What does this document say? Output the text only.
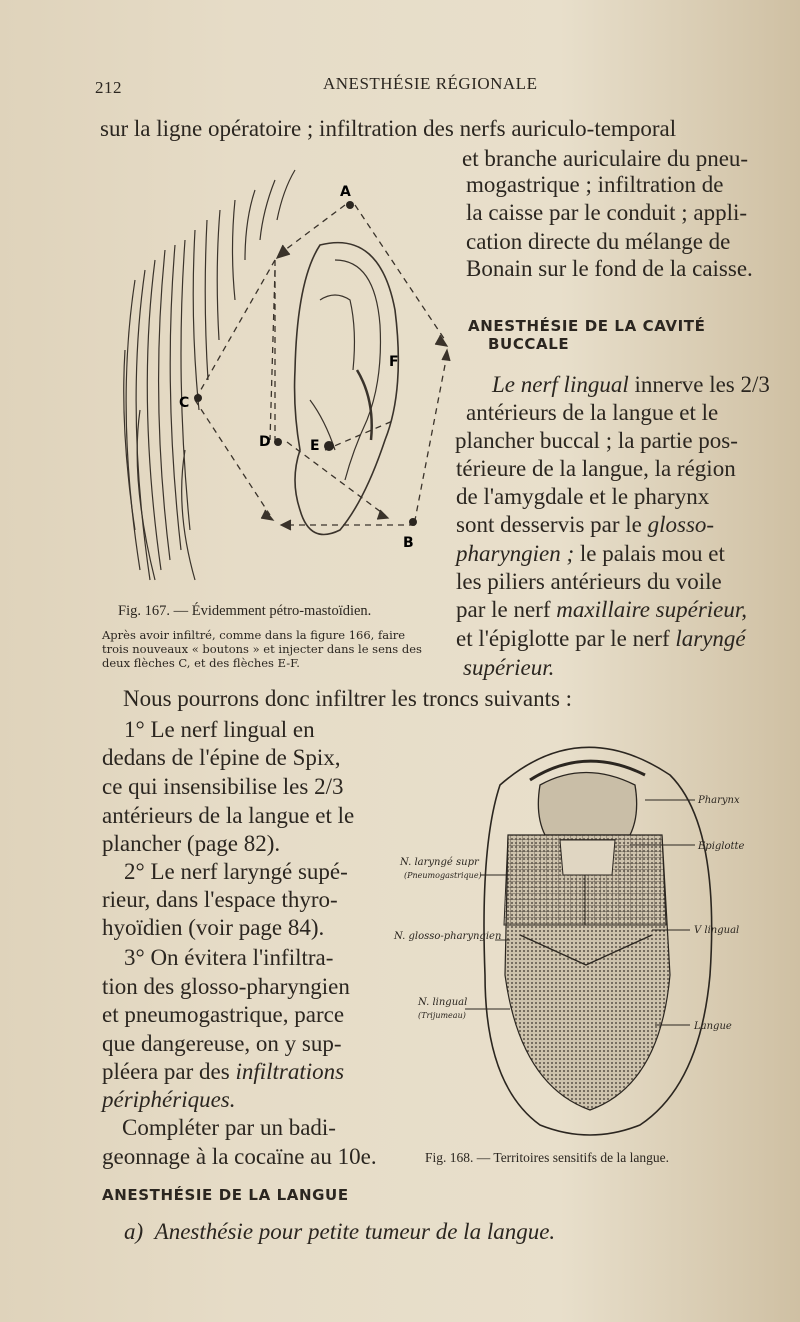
212	ANESTHÉSIE RÉGIONALE
sur la ligne opératoire ; infiltration des nerfs auriculo-temporal
et branche auriculaire du pneu-
mogastrique ; infiltration de
la caisse par le conduit ; appli-
cation directe du mélange de
Bonain sur le fond de la caisse.
A
B
C
D	E
F
Fig. 167. — Évidemment pétro-mastoïdien.
Après avoir infiltré, comme dans la figure 166, faire
trois nouveaux « boutons » et injecter dans le sens des
deux flèches C, et des flèches E-F.
ANESTHÉSIE DE LA CAVITÉ
BUCCALE
Le nerf lingual innerve les 2/3
antérieurs de la langue et le
plancher buccal ; la partie pos-
térieure de la langue, la région
de l'amygdale et le pharynx
sont desservis par le glosso-
pharyngien ; le palais mou et
les piliers antérieurs du voile
par le nerf maxillaire supérieur,
et l'épiglotte par le nerf laryngé
supérieur.
Nous pourrons donc infiltrer les troncs suivants :
1° Le nerf lingual en
dedans de l'épine de Spix,
ce qui insensibilise les 2/3
antérieurs de la langue et le
plancher (page 82).
2° Le nerf laryngé supé-
rieur, dans l'espace thyro-
hyoïdien (voir page 84).
3° On évitera l'infiltra-
tion des glosso-pharyngien
et pneumogastrique, parce
que dangereuse, on y sup-
pléera par des infiltrations
périphériques.
Compléter par un badi-
geonnage à la cocaïne au 10e.
Pharynx
Epiglotte
V lingual
Langue
N. laryngé supr
(Pneumogastrique)
N. glosso-pharyngien
N. lingual
(Trijumeau)
Fig. 168. — Territoires sensitifs de la langue.
ANESTHÉSIE DE LA LANGUE
a) Anesthésie pour petite tumeur de la langue.
